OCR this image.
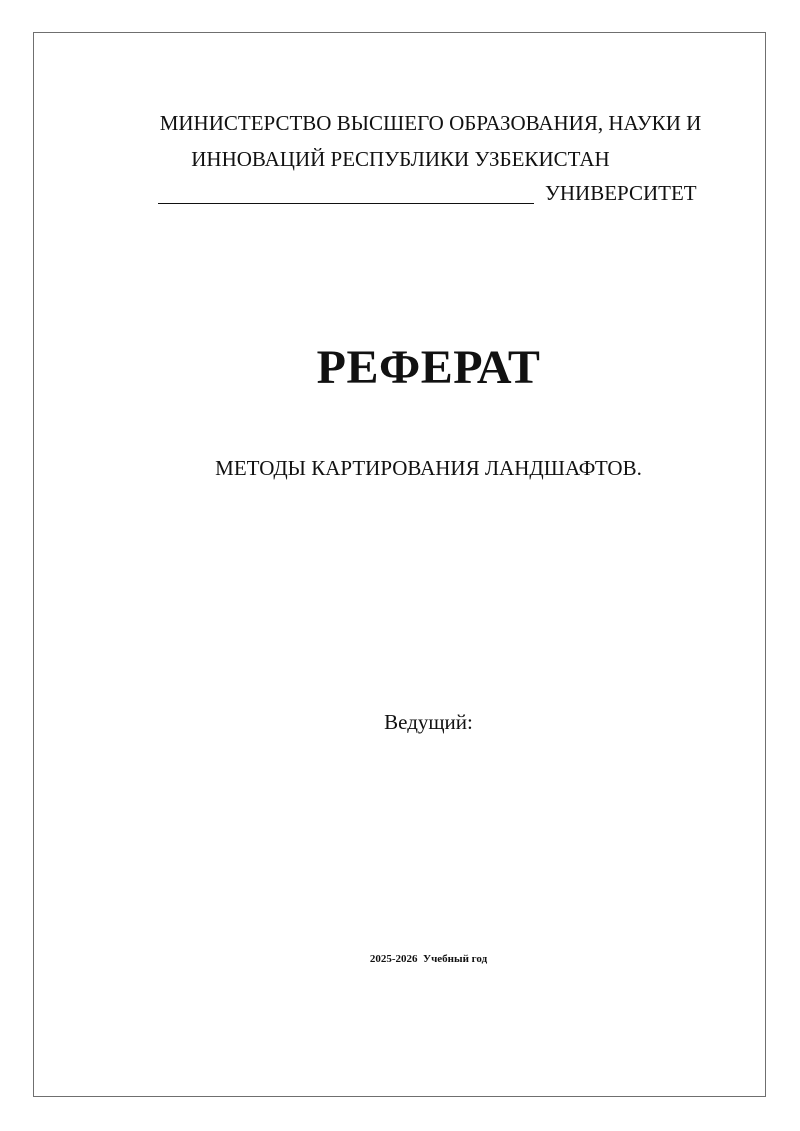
МИНИСТЕРСТВО ВЫСШЕГО ОБРАЗОВАНИЯ, НАУКИ И
ИННОВАЦИЙ РЕСПУБЛИКИ УЗБЕКИСТАН
УНИВЕРСИТЕТ
РЕФЕРАТ
МЕТОДЫ КАРТИРОВАНИЯ ЛАНДШАФТОВ.
Ведущий:
2025-2026  Учебный год
